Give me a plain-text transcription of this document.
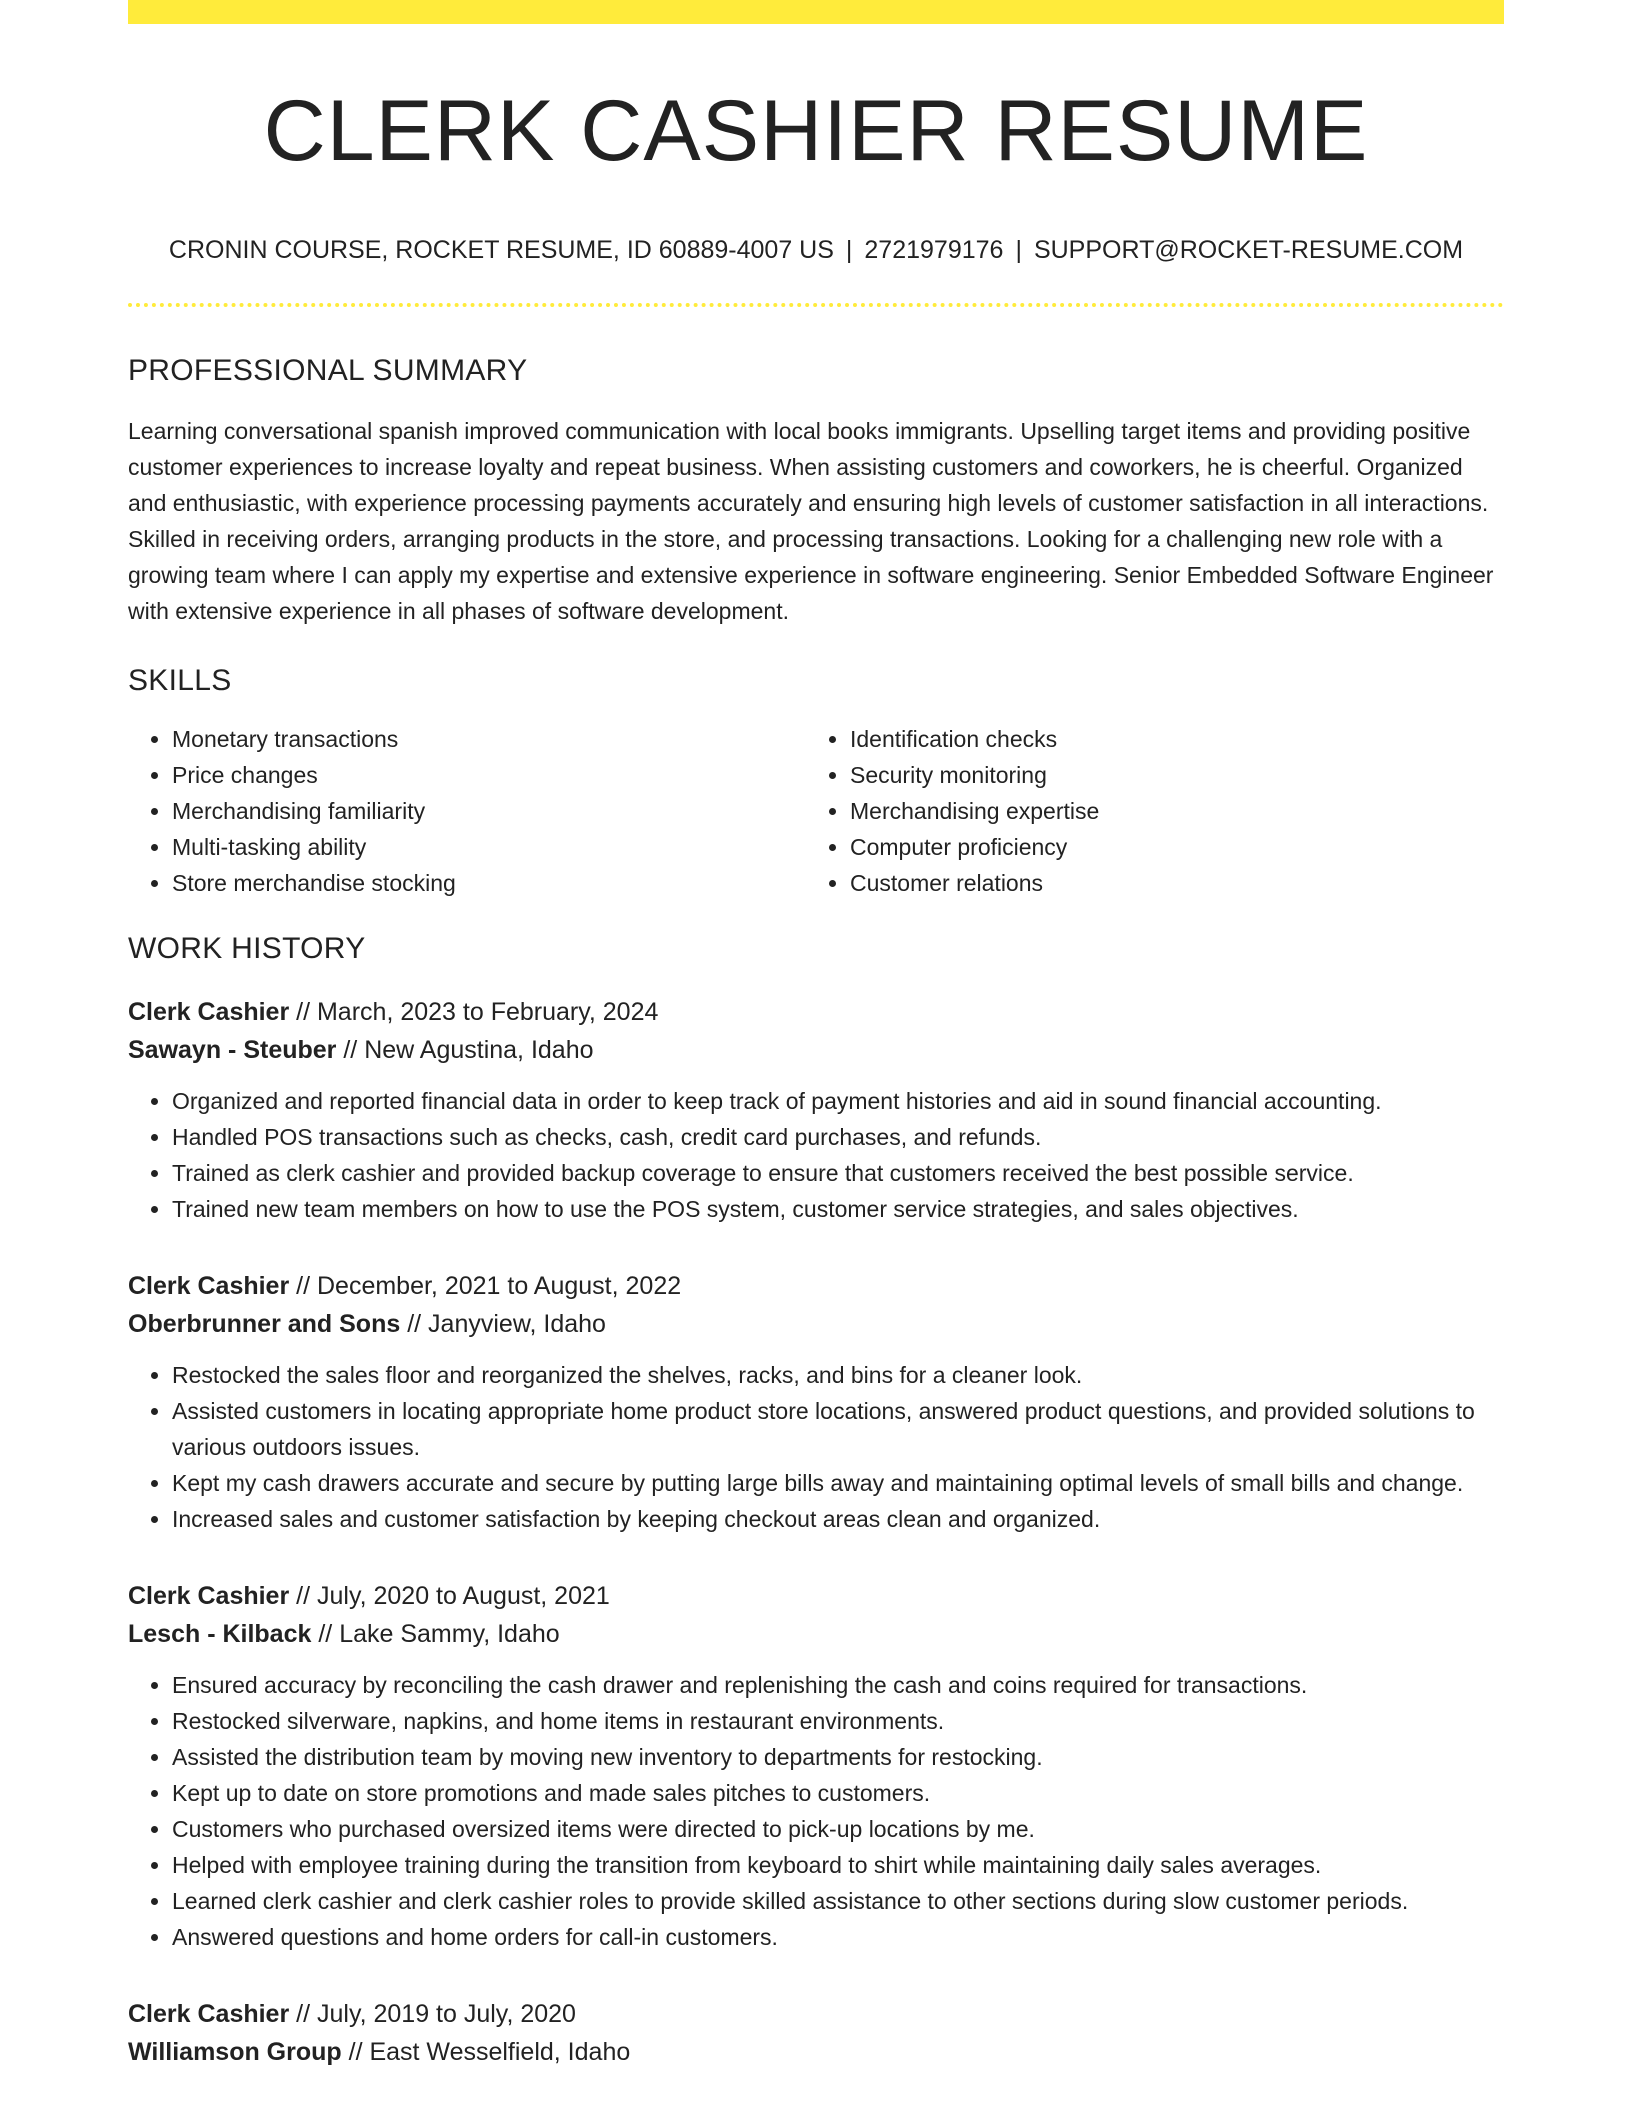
CLERK CASHIER RESUME
CRONIN COURSE, ROCKET RESUME, ID 60889-4007 US | 2721979176 | SUPPORT@ROCKET-RESUME.COM
PROFESSIONAL SUMMARY

Learning conversational spanish improved communication with local books immigrants. Upselling target items and providing positive customer experiences to increase loyalty and repeat business. When assisting customers and coworkers, he is cheerful. Organized and enthusiastic, with experience processing payments accurately and ensuring high levels of customer satisfaction in all interactions. Skilled in receiving orders, arranging products in the store, and processing transactions. Looking for a challenging new role with a growing team where I can apply my expertise and extensive experience in software engineering. Senior Embedded Software Engineer with extensive experience in all phases of software development.

SKILLS
• Monetary transactions
• Price changes
• Merchandising familiarity
• Multi-tasking ability
• Store merchandise stocking
• Identification checks
• Security monitoring
• Merchandising expertise
• Computer proficiency
• Customer relations
WORK HISTORY
Clerk Cashier // March, 2023 to February, 2024
Sawayn - Steuber // New Agustina, Idaho
• Organized and reported financial data in order to keep track of payment histories and aid in sound financial accounting.
• Handled POS transactions such as checks, cash, credit card purchases, and refunds.
• Trained as clerk cashier and provided backup coverage to ensure that customers received the best possible service.
• Trained new team members on how to use the POS system, customer service strategies, and sales objectives.
Clerk Cashier // December, 2021 to August, 2022
Oberbrunner and Sons // Janyview, Idaho
• Restocked the sales floor and reorganized the shelves, racks, and bins for a cleaner look.
• Assisted customers in locating appropriate home product store locations, answered product questions, and provided solutions to various outdoors issues.
• Kept my cash drawers accurate and secure by putting large bills away and maintaining optimal levels of small bills and change.
• Increased sales and customer satisfaction by keeping checkout areas clean and organized.
Clerk Cashier // July, 2020 to August, 2021
Lesch - Kilback // Lake Sammy, Idaho
• Ensured accuracy by reconciling the cash drawer and replenishing the cash and coins required for transactions.
• Restocked silverware, napkins, and home items in restaurant environments.
• Assisted the distribution team by moving new inventory to departments for restocking.
• Kept up to date on store promotions and made sales pitches to customers.
• Customers who purchased oversized items were directed to pick-up locations by me.
• Helped with employee training during the transition from keyboard to shirt while maintaining daily sales averages.
• Learned clerk cashier and clerk cashier roles to provide skilled assistance to other sections during slow customer periods.
• Answered questions and home orders for call-in customers.
Clerk Cashier // July, 2019 to July, 2020
Williamson Group // East Wesselfield, Idaho
